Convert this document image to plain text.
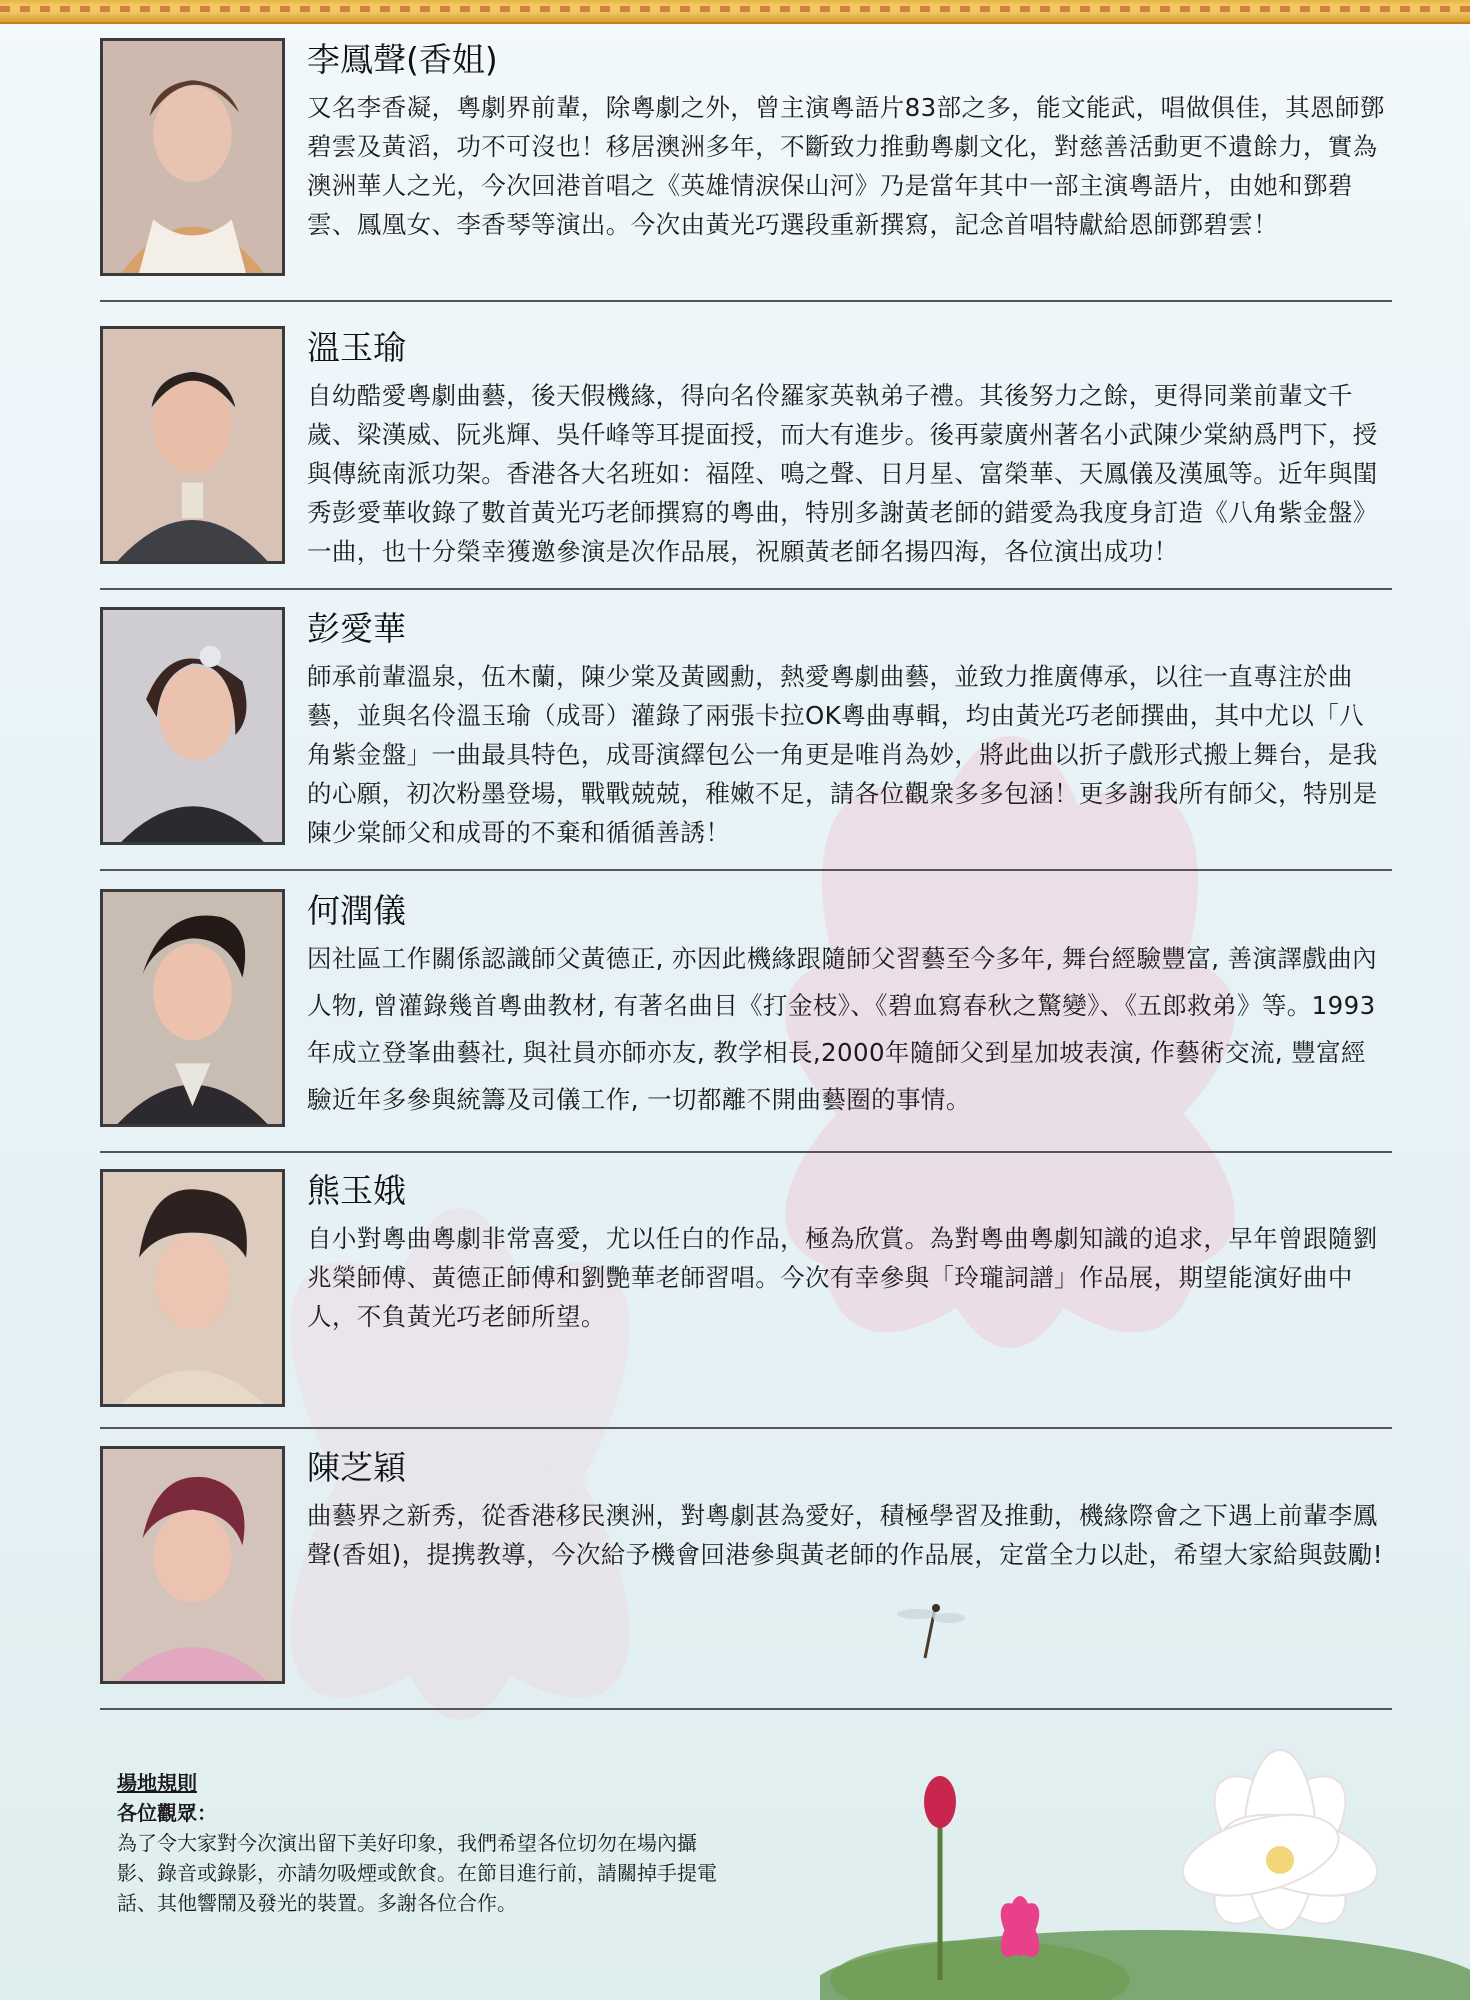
李鳳聲(香姐)

又名李香凝，粵劇界前輩，除粵劇之外，曾主演粵語片83部之多，能文能武，唱做俱佳，其恩師鄧碧雲及黃滔，功不可沒也！移居澳洲多年，不斷致力推動粵劇文化，對慈善活動更不遺餘力，實為澳洲華人之光，今次回港首唱之《英雄情淚保山河》乃是當年其中一部主演粵語片，由她和鄧碧雲、鳳凰女、李香琴等演出。今次由黃光巧選段重新撰寫，記念首唱特獻給恩師鄧碧雲！

溫玉瑜

自幼酷愛粵劇曲藝，後天假機緣，得向名伶羅家英執弟子禮。其後努力之餘，更得同業前輩文千歲、梁漢威、阮兆輝、吳仟峰等耳提面授，而大有進步。後再蒙廣州著名小武陳少棠納爲門下，授與傳統南派功架。香港各大名班如：福陞、鳴之聲、日月星、富榮華、天鳳儀及漢風等。近年與閨秀彭愛華收錄了數首黃光巧老師撰寫的粵曲，特別多謝黃老師的錯愛為我度身訂造《八角紫金盤》一曲，也十分榮幸獲邀參演是次作品展，祝願黃老師名揚四海，各位演出成功！

彭愛華

師承前輩溫泉，伍木蘭，陳少棠及黃國勳，熱愛粵劇曲藝，並致力推廣傳承，以往一直專注於曲藝，並與名伶溫玉瑜（成哥）灌錄了兩張卡拉OK粵曲專輯，均由黃光巧老師撰曲，其中尤以「八角紫金盤」一曲最具特色，成哥演繹包公一角更是唯肖為妙，將此曲以折子戲形式搬上舞台，是我的心願，初次粉墨登場，戰戰兢兢，稚嫩不足，請各位觀衆多多包涵！更多謝我所有師父，特別是陳少棠師父和成哥的不棄和循循善誘！

何潤儀

因社區工作關係認識師父黃德正, 亦因此機緣跟隨師父習藝至今多年, 舞台經驗豐富, 善演譯戲曲內人物, 曾灌錄幾首粵曲教材, 有著名曲目《打金枝》、《碧血寫春秋之驚變》、《五郎救弟》等。1993年成立登峯曲藝社, 與社員亦師亦友, 教学相長,2000年隨師父到星加坡表演, 作藝術交流, 豐富經驗近年多參與統籌及司儀工作, 一切都離不開曲藝圈的事情。

熊玉娥

自小對粵曲粵劇非常喜愛，尤以任白的作品，極為欣賞。為對粵曲粵劇知識的追求，早年曾跟隨劉兆榮師傅、黃德正師傅和劉艷華老師習唱。今次有幸參與「玲瓏詞譜」作品展，期望能演好曲中人，不負黃光巧老師所望。

陳芝穎

曲藝界之新秀，從香港移民澳洲，對粵劇甚為愛好，積極學習及推動，機緣際會之下遇上前輩李鳳聲(香姐)，提携教導，今次給予機會回港參與黃老師的作品展，定當全力以赴，希望大家給與鼓勵!

場地規則

各位觀眾：

為了令大家對今次演出留下美好印象，我們希望各位切勿在場內攝影、錄音或錄影，亦請勿吸煙或飲食。在節目進行前，請關掉手提電話、其他響鬧及發光的裝置。多謝各位合作。
